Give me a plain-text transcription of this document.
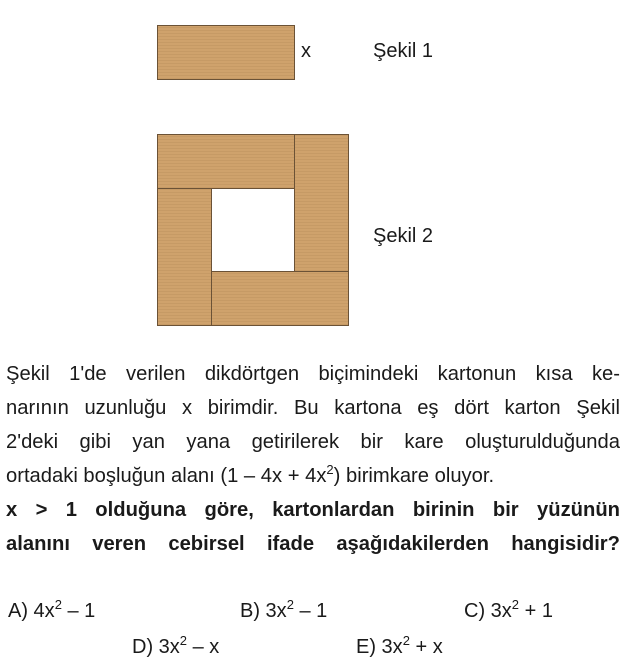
x	Şekil 1
Şekil 2
Şekil 1'de verilen dikdörtgen biçimindeki kartonun kısa ke-
narının uzunluğu x birimdir. Bu kartona eş dört karton Şekil
2'deki gibi yan yana getirilerek bir kare oluşturulduğunda
ortadaki boşluğun alanı $(1 - 4x + 4x^2)$ birimkare oluyor.
x > 1 olduğuna göre, kartonlardan birinin bir yüzünün
alanını veren cebirsel ifade aşağıdakilerden hangisidir?
A) $4x^2 - 1$	B) $3x^2 - 1$	C) $3x^2 + 1$
D) $3x^2$ – x	E) $3x^2 + x$
